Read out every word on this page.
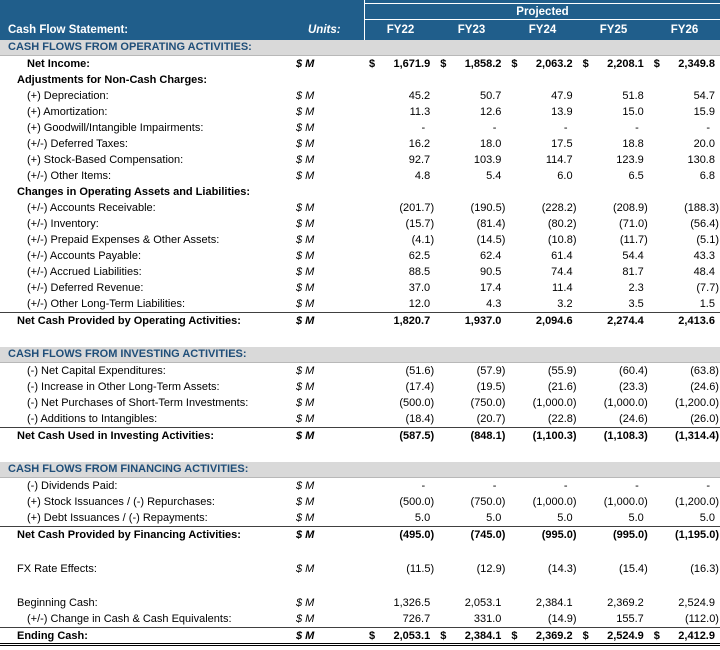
Cash Flow Statement:	Units:
Projected
FY22	FY23	FY24	FY25	FY26
CASH FLOWS FROM OPERATING ACTIVITIES:
Net Income:	$ M	$ 1,671.9 $ 1,858.2 $ 2,063.2 $ 2,208.1 $ 2,349.8
Adjustments for Non-Cash Charges:
(+) Depreciation:	$ M	45.2	50.7	47.9	51.8	54.7
(+) Amortization:	$ M	11.3	12.6	13.9	15.0	15.9
(+) Goodwill/Intangible Impairments:	$ M	-	-	-	-	-
(+/-) Deferred Taxes:	$ M	16.2	18.0	17.5	18.8	20.0
(+) Stock-Based Compensation:	$ M	92.7	103.9	114.7	123.9	130.8
(+/-) Other Items:	$ M	4.8	5.4	6.0	6.5	6.8
Changes in Operating Assets and Liabilities:
(+/-) Accounts Receivable:	$ M	(201.7)	(190.5)	(228.2)	(208.9)	(188.3)
(+/-) Inventory:	$ M	(15.7)	(81.4)	(80.2)	(71.0)	(56.4)
(+/-) Prepaid Expenses & Other Assets:	$ M	(4.1)	(14.5)	(10.8)	(11.7)	(5.1)
(+/-) Accounts Payable:	$ M	62.5	62.4	61.4	54.4	43.3
(+/-) Accrued Liabilities:	$ M	88.5	90.5	74.4	81.7	48.4
(+/-) Deferred Revenue:	$ M	37.0	17.4	11.4	2.3	(7.7)
(+/-) Other Long-Term Liabilities:	$ M	12.0	4.3	3.2	3.5	1.5
Net Cash Provided by Operating Activities:	$ M	1,820.7	1,937.0	2,094.6	2,274.4	2,413.6
CASH FLOWS FROM INVESTING ACTIVITIES:
(-) Net Capital Expenditures:	$ M	(51.6)	(57.9)	(55.9)	(60.4)	(63.8)
(-) Increase in Other Long-Term Assets:	$ M	(17.4)	(19.5)	(21.6)	(23.3)	(24.6)
(-) Net Purchases of Short-Term Investments:	$ M	(500.0)	(750.0) (1,000.0) (1,000.0) (1,200.0)
(-) Additions to Intangibles:	$ M	(18.4)	(20.7)	(22.8)	(24.6)	(26.0)
Net Cash Used in Investing Activities:	$ M	(587.5)	(848.1) (1,100.3) (1,108.3) (1,314.4)
CASH FLOWS FROM FINANCING ACTIVITIES:
(-) Dividends Paid:	$ M	-	-	-	-	-
(+) Stock Issuances / (-) Repurchases:	$ M	(500.0)	(750.0) (1,000.0) (1,000.0) (1,200.0)
(+) Debt Issuances / (-) Repayments:	$ M	5.0	5.0	5.0	5.0	5.0
Net Cash Provided by Financing Activities:	$ M	(495.0)	(745.0)	(995.0)	(995.0) (1,195.0)
FX Rate Effects:	$ M	(11.5)	(12.9)	(14.3)	(15.4)	(16.3)
Beginning Cash:	$ M	1,326.5	2,053.1	2,384.1	2,369.2	2,524.9
(+/-) Change in Cash & Cash Equivalents:	$ M	726.7	331.0	(14.9)	155.7	(112.0)
Ending Cash:	$ M	$ 2,053.1 $ 2,384.1 $ 2,369.2 $ 2,524.9 $ 2,412.9
